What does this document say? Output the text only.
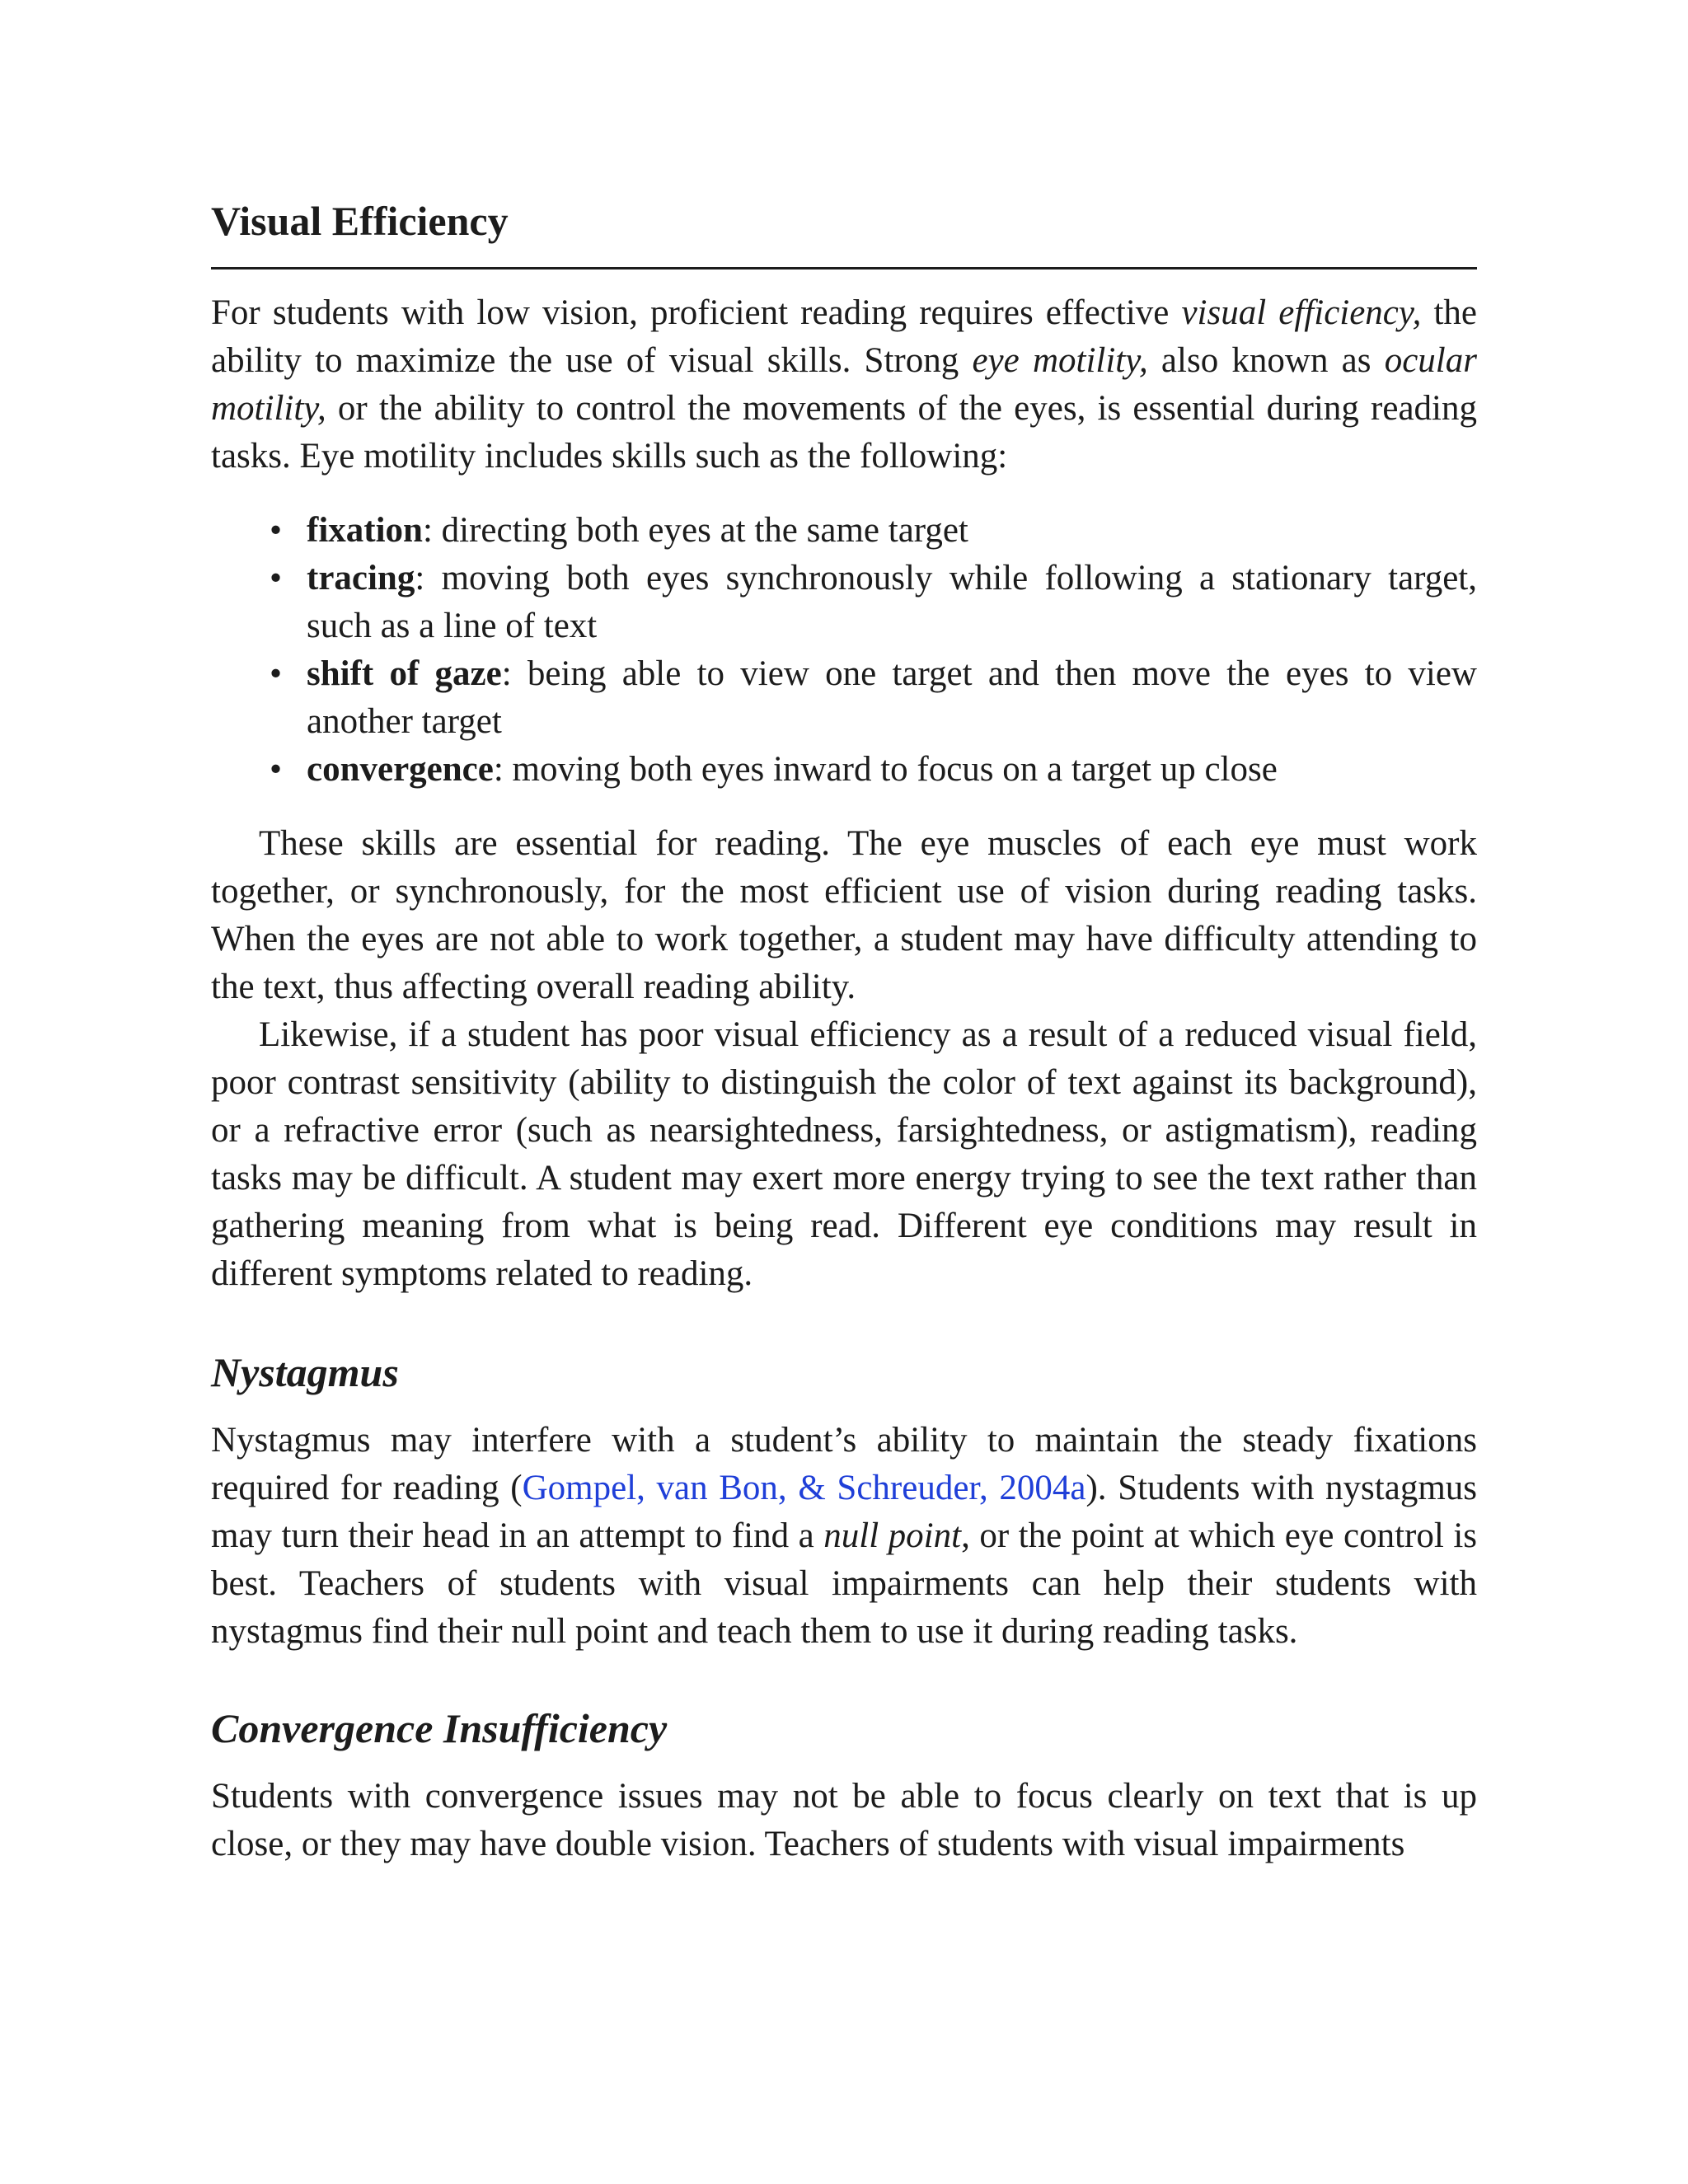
Visual Efficiency

For students with low vision, proficient reading requires effective visual efficiency, the ability to maximize the use of visual skills. Strong eye motility, also known as ocular motility, or the ability to control the movements of the eyes, is essential during reading tasks. Eye motility includes skills such as the following:

• fixation: directing both eyes at the same target
• tracing: moving both eyes synchronously while following a stationary target, such as a line of text
• shift of gaze: being able to view one target and then move the eyes to view another target
• convergence: moving both eyes inward to focus on a target up close

These skills are essential for reading. The eye muscles of each eye must work together, or synchronously, for the most efficient use of vision during reading tasks. When the eyes are not able to work together, a student may have difficulty attending to the text, thus affecting overall reading ability.

Likewise, if a student has poor visual efficiency as a result of a reduced visual field, poor contrast sensitivity (ability to distinguish the color of text against its background), or a refractive error (such as nearsightedness, farsightedness, or astigmatism), reading tasks may be difficult. A student may exert more energy trying to see the text rather than gathering meaning from what is being read. Different eye conditions may result in different symptoms related to reading.

Nystagmus

Nystagmus may interfere with a student’s ability to maintain the steady fixations required for reading (Gompel, van Bon, & Schreuder, 2004a). Students with nystagmus may turn their head in an attempt to find a null point, or the point at which eye control is best. Teachers of students with visual impairments can help their students with nystagmus find their null point and teach them to use it during reading tasks.

Convergence Insufficiency

Students with convergence issues may not be able to focus clearly on text that is up close, or they may have double vision. Teachers of students with visual impairments
